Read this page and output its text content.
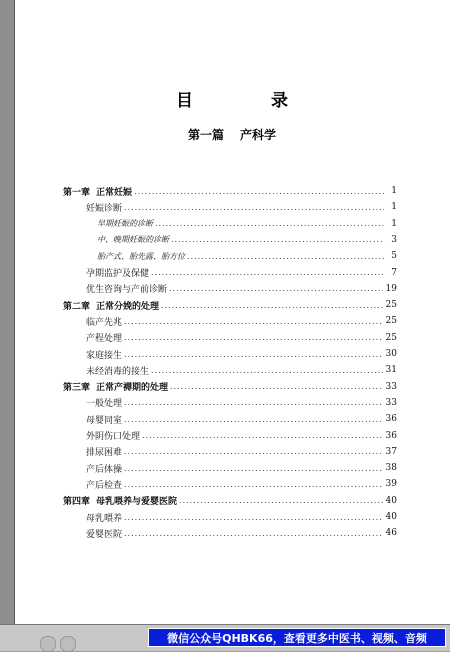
目 录
第一篇 产科学
第一章 正常妊娠 .....	1
妊娠诊断 .....	1
早期妊娠的诊断 .....	1
中、晚期妊娠的诊断 .....	3
胎产式、胎先露、胎方位 .....	5
孕期监护及保健 .....	7
优生咨询与产前诊断 .....	19
第二章 正常分娩的处理 .....	25
临产先兆 .....	25
产程处理 .....	25
家庭接生 .....	30
未经消毒的接生 .....	31
第三章 正常产褥期的处理 .....	33
一般处理 .....	33
母婴同室 .....	36
外阴伤口处理 .....	36
排尿困难 .....	37
产后体操 .....	38
产后检查 .....	39
第四章 母乳喂养与爱婴医院 .....	40
母乳喂养 .....	40
爱婴医院 .....	46
微信公众号QHBK66，查看更多中医书、视频、音频
